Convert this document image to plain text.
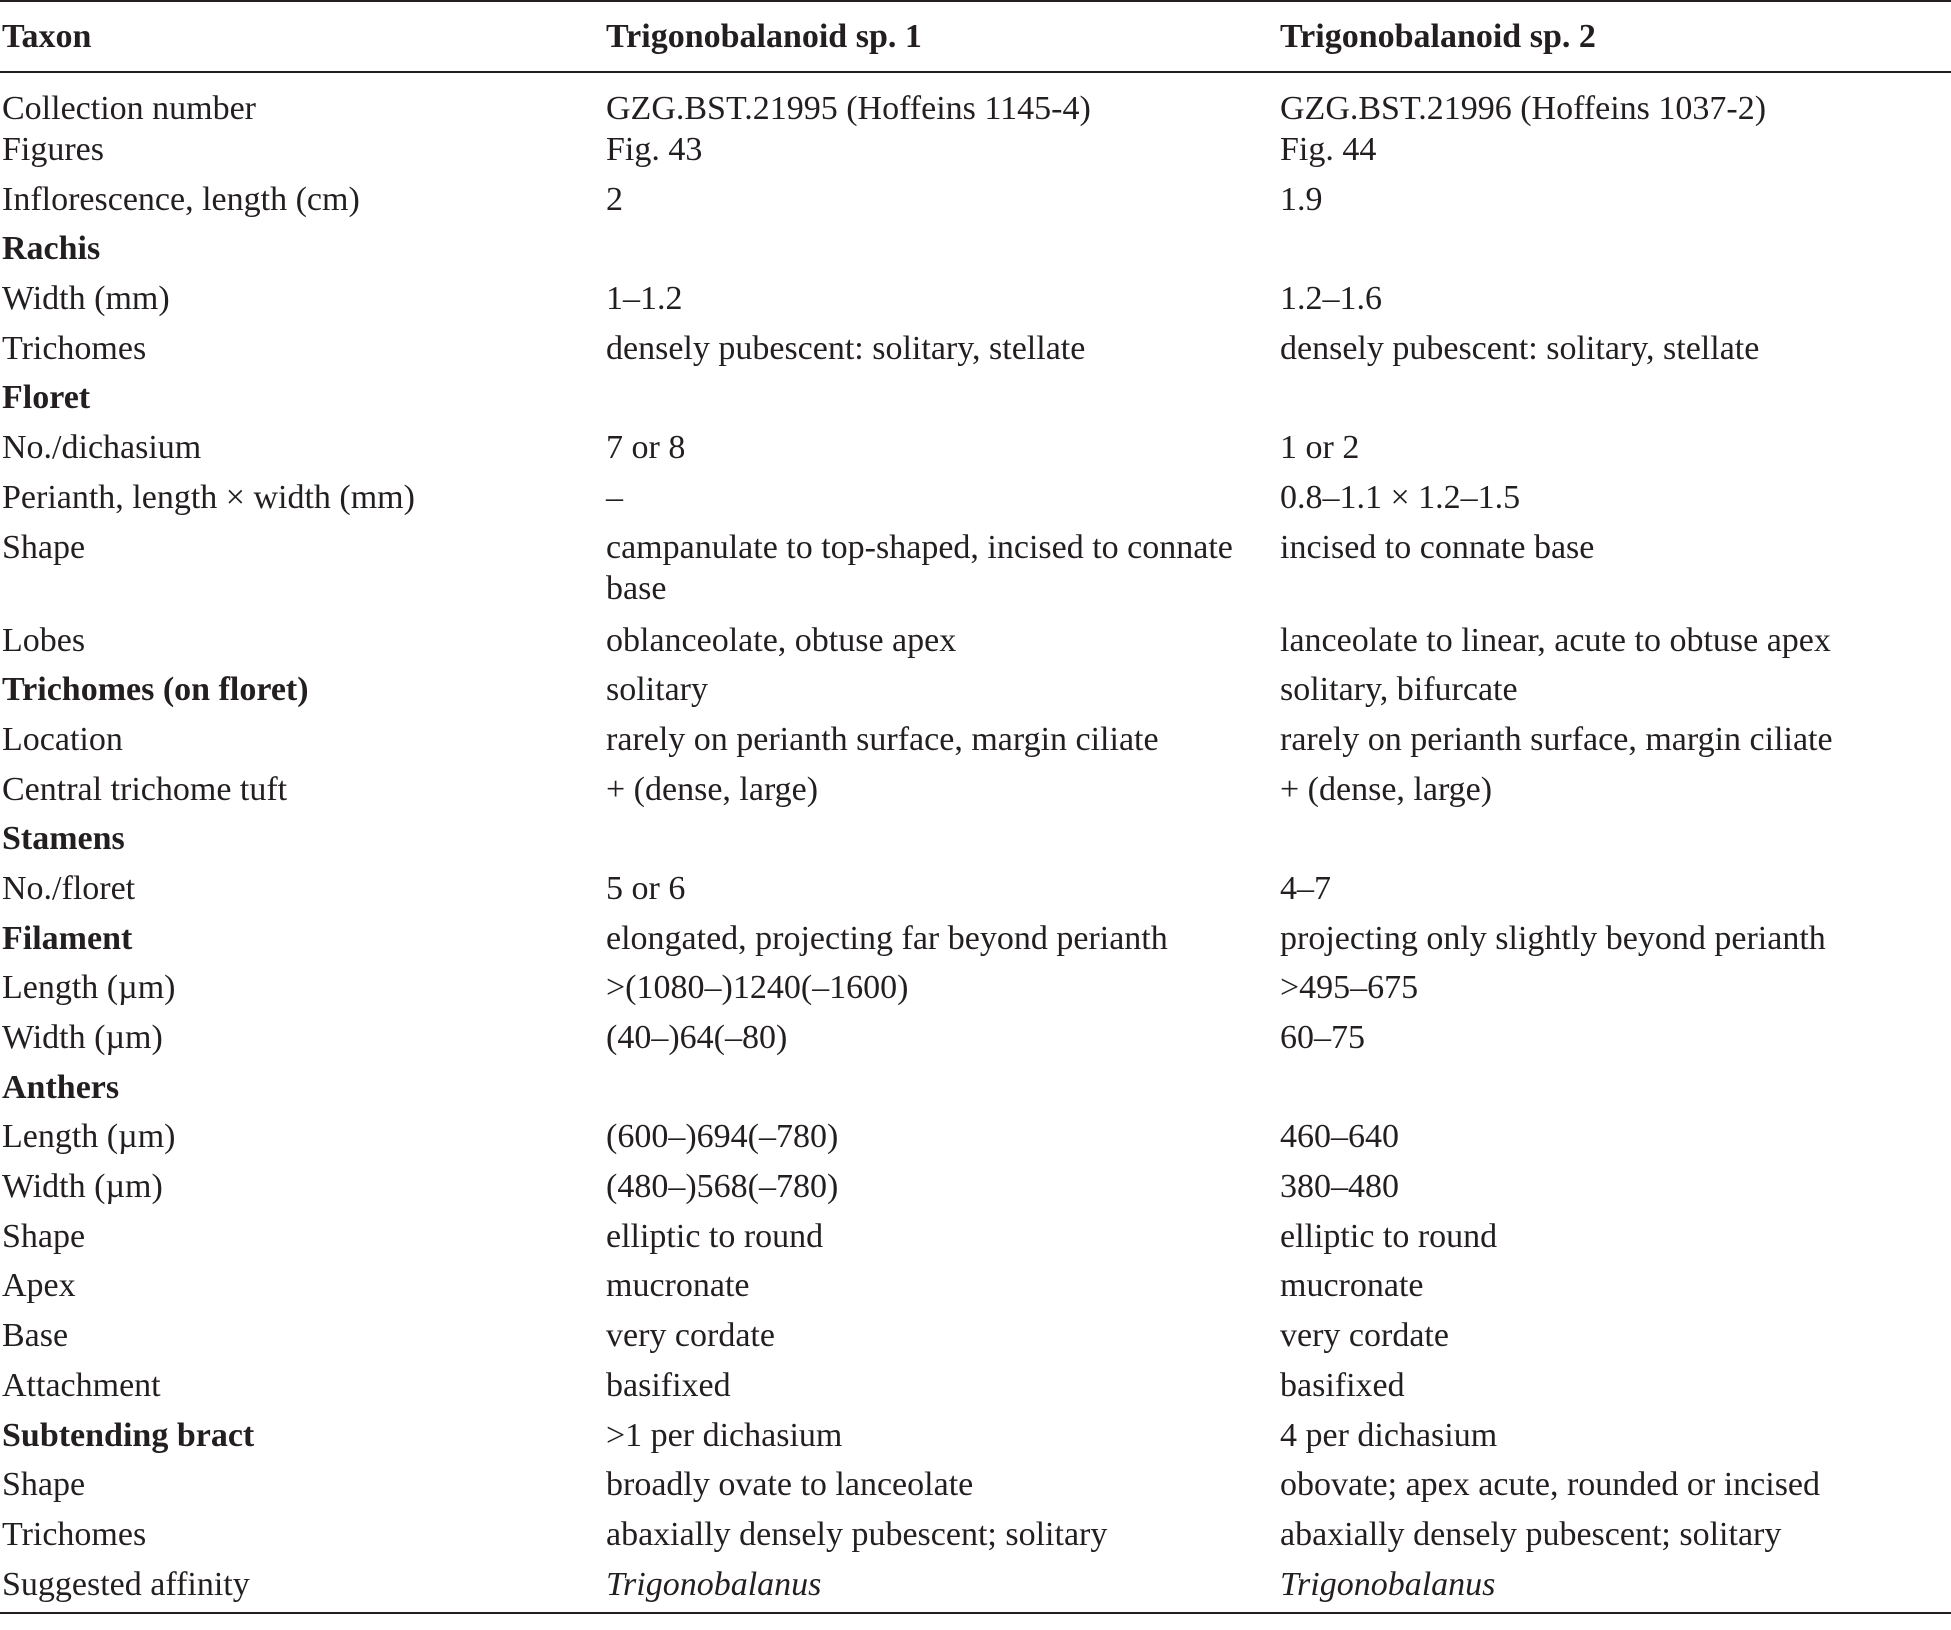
Taxon	Trigonobalanoid sp. 1	Trigonobalanoid sp. 2
Collection number	GZG.BST.21995 (Hoffeins 1145-4)	GZG.BST.21996 (Hoffeins 1037-2)
Figures	Fig. 43	Fig. 44
Inflorescence, length (cm)	2	1.9
Rachis		
Width (mm)	1–1.2	1.2–1.6
Trichomes	densely pubescent: solitary, stellate	densely pubescent: solitary, stellate
Floret		
No./dichasium	7 or 8	1 or 2
Perianth, length × width (mm)	–	0.8–1.1 × 1.2–1.5
Shape	campanulate to top-shaped, incised to connate base	incised to connate base
Lobes	oblanceolate, obtuse apex	lanceolate to linear, acute to obtuse apex
Trichomes (on floret)	solitary	solitary, bifurcate
Location	rarely on perianth surface, margin ciliate	rarely on perianth surface, margin ciliate
Central trichome tuft	+ (dense, large)	+ (dense, large)
Stamens		
No./floret	5 or 6	4–7
Filament	elongated, projecting far beyond perianth	projecting only slightly beyond perianth
Length (µm)	>(1080–)1240(–1600)	>495–675
Width (µm)	(40–)64(–80)	60–75
Anthers		
Length (µm)	(600–)694(–780)	460–640
Width (µm)	(480–)568(–780)	380–480
Shape	elliptic to round	elliptic to round
Apex	mucronate	mucronate
Base	very cordate	very cordate
Attachment	basifixed	basifixed
Subtending bract	>1 per dichasium	4 per dichasium
Shape	broadly ovate to lanceolate	obovate; apex acute, rounded or incised
Trichomes	abaxially densely pubescent; solitary	abaxially densely pubescent; solitary
Suggested affinity	Trigonobalanus	Trigonobalanus
